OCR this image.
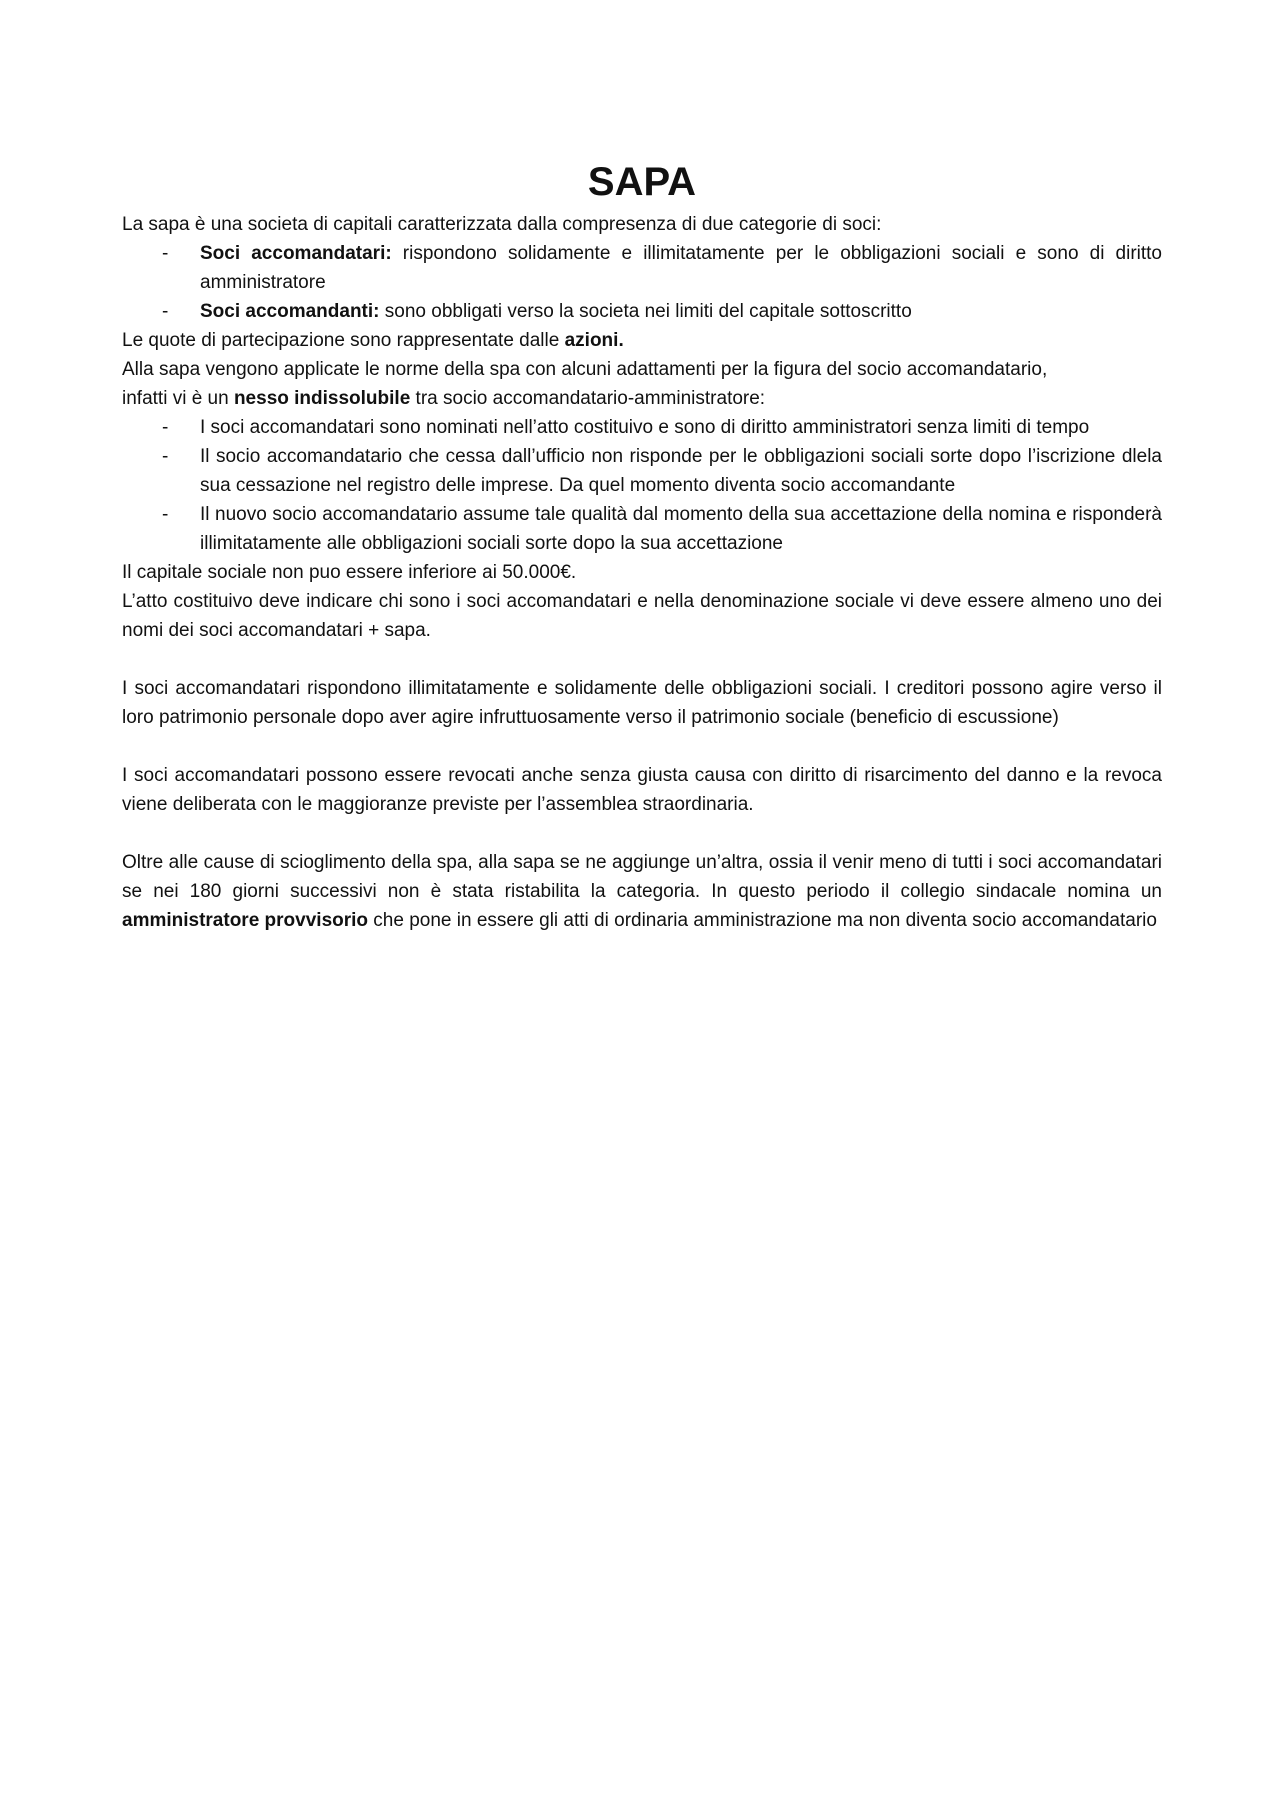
SAPA

La sapa è una societa di capitali caratterizzata dalla compresenza di due categorie di soci:

- Soci accomandatari: rispondono solidamente e illimitatamente per le obbligazioni sociali e sono di diritto amministratore
- Soci accomandanti: sono obbligati verso la societa nei limiti del capitale sottoscritto

Le quote di partecipazione sono rappresentate dalle azioni.

Alla sapa vengono applicate le norme della spa con alcuni adattamenti per la figura del socio accomandatario,

infatti vi è un nesso indissolubile tra socio accomandatario-amministratore:

- I soci accomandatari sono nominati nell’atto costituivo e sono di diritto amministratori senza limiti di tempo
- Il socio accomandatario che cessa dall’ufficio non risponde per le obbligazioni sociali sorte dopo l’iscrizione dlela sua cessazione nel registro delle imprese. Da quel momento diventa socio accomandante
- Il nuovo socio accomandatario assume tale qualità dal momento della sua accettazione della nomina e risponderà illimitatamente alle obbligazioni sociali sorte dopo la sua accettazione

Il capitale sociale non puo essere inferiore ai 50.000€.

L’atto costituivo deve indicare chi sono i soci accomandatari e nella denominazione sociale vi deve essere almeno uno dei nomi dei soci accomandatari + sapa.

I soci accomandatari rispondono illimitatamente e solidamente delle obbligazioni sociali. I creditori possono agire verso il loro patrimonio personale dopo aver agire infruttuosamente verso il patrimonio sociale (beneficio di escussione)

I soci accomandatari possono essere revocati anche senza giusta causa con diritto di risarcimento del danno e la revoca viene deliberata con le maggioranze previste per l’assemblea straordinaria.

Oltre alle cause di scioglimento della spa, alla sapa se ne aggiunge un’altra, ossia il venir meno di tutti i soci accomandatari se nei 180 giorni successivi non è stata ristabilita la categoria. In questo periodo il collegio sindacale nomina un amministratore provvisorio che pone in essere gli atti di ordinaria amministrazione ma non diventa socio accomandatario
